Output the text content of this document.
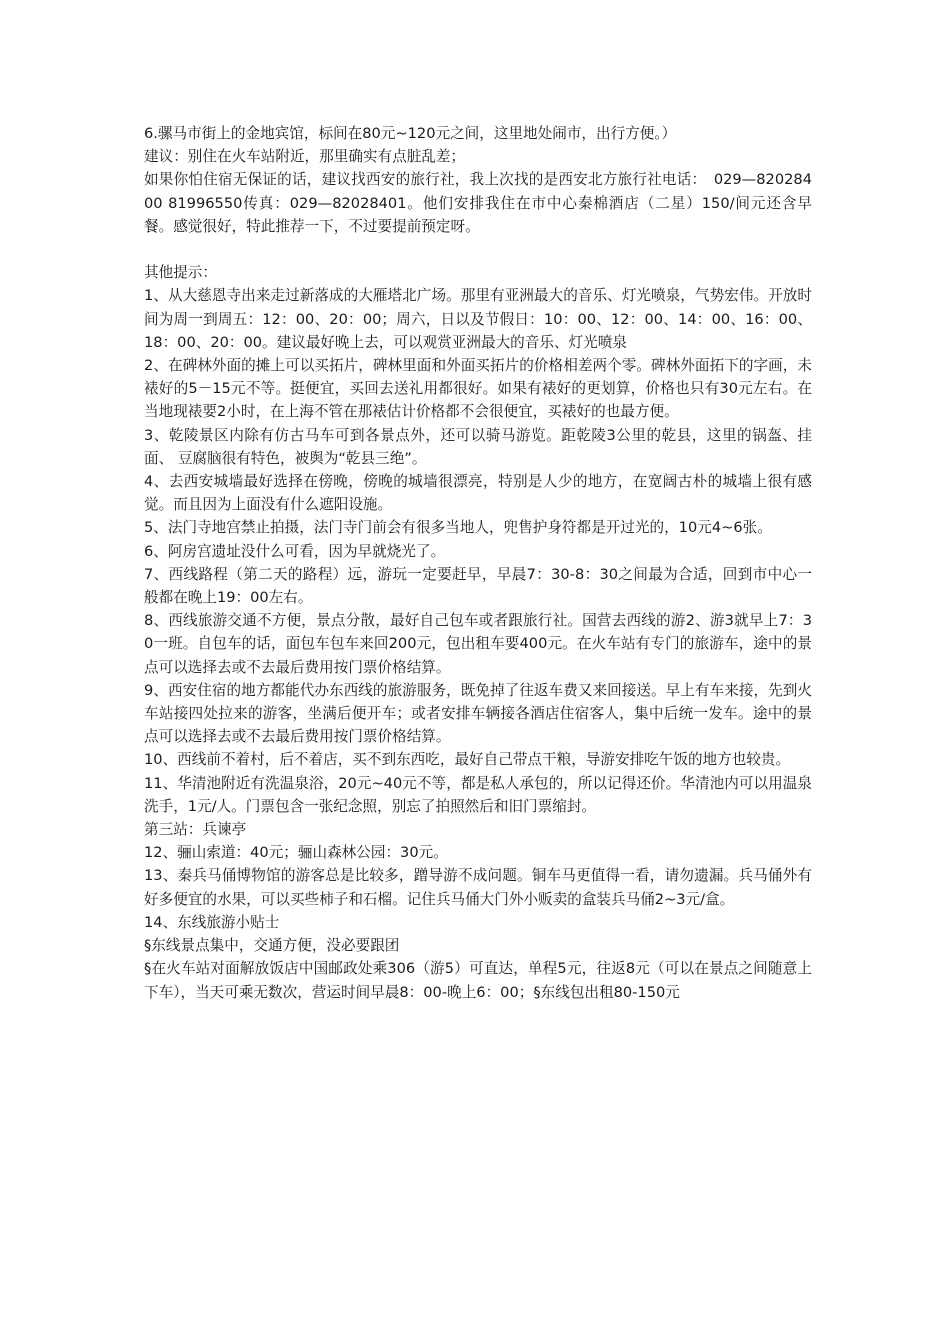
6.骡马市街上的金地宾馆，标间在80元~120元之间，这里地处闹市，出行方便。）

建议：别住在火车站附近，那里确实有点脏乱差；

如果你怕住宿无保证的话，建议找西安的旅行社，我上次找的是西安北方旅行社电话：　029—82028400 81996550传真：029—82028401。他们安排我住在市中心秦棉酒店（二星）150/间元还含早餐。感觉很好，特此推荐一下，不过要提前预定呀。

其他提示：

1、从大慈恩寺出来走过新落成的大雁塔北广场。那里有亚洲最大的音乐、灯光喷泉，气势宏伟。开放时间为周一到周五：12：00、20：00；周六，日以及节假日：10：00、12：00、14：00、16：00、18：00、20：00。建议最好晚上去，可以观赏亚洲最大的音乐、灯光喷泉

2、在碑林外面的摊上可以买拓片，碑林里面和外面买拓片的价格相差两个零。碑林外面拓下的字画，未裱好的5－15元不等。挺便宜，买回去送礼用都很好。如果有裱好的更划算，价格也只有30元左右。在当地现裱要2小时，在上海不管在那裱估计价格都不会很便宜，买裱好的也最方便。

3、乾陵景区内除有仿古马车可到各景点外，还可以骑马游览。距乾陵3公里的乾县，这里的锅盔、挂面、 豆腐脑很有特色，被舆为“乾县三绝”。

4、去西安城墙最好选择在傍晚，傍晚的城墙很漂亮，特别是人少的地方，在宽阔古朴的城墙上很有感觉。而且因为上面没有什么遮阳设施。

5、法门寺地宫禁止拍摄，法门寺门前会有很多当地人，兜售护身符都是开过光的，10元4~6张。

6、阿房宫遗址没什么可看，因为早就烧光了。

7、西线路程（第二天的路程）远，游玩一定要赶早，早晨7：30-8：30之间最为合适，回到市中心一般都在晚上19：00左右。

8、西线旅游交通不方便，景点分散，最好自己包车或者跟旅行社。国营去西线的游2、游3就早上7：30一班。自包车的话，面包车包车来回200元，包出租车要400元。在火车站有专门的旅游车，途中的景点可以选择去或不去最后费用按门票价格结算。

9、西安住宿的地方都能代办东西线的旅游服务，既免掉了往返车费又来回接送。早上有车来接，先到火车站接四处拉来的游客，坐满后便开车；或者安排车辆接各酒店住宿客人，集中后统一发车。途中的景点可以选择去或不去最后费用按门票价格结算。

10、西线前不着村，后不着店，买不到东西吃，最好自己带点干粮，导游安排吃午饭的地方也较贵。

11、华清池附近有洗温泉浴，20元~40元不等，都是私人承包的，所以记得还价。华清池内可以用温泉洗手，1元/人。门票包含一张纪念照，别忘了拍照然后和旧门票缩封。

第三站：兵谏亭

12、骊山索道：40元；骊山森林公园：30元。

13、秦兵马俑博物馆的游客总是比较多，蹭导游不成问题。铜车马更值得一看，请勿遗漏。兵马俑外有好多便宜的水果，可以买些柿子和石榴。记住兵马俑大门外小贩卖的盒装兵马俑2~3元/盒。

14、东线旅游小贴士

§东线景点集中，交通方便，没必要跟团

§在火车站对面解放饭店中国邮政处乘306（游5）可直达，单程5元，往返8元（可以在景点之间随意上下车），当天可乘无数次，营运时间早晨8：00-晚上6：00；§东线包出租80-150元
